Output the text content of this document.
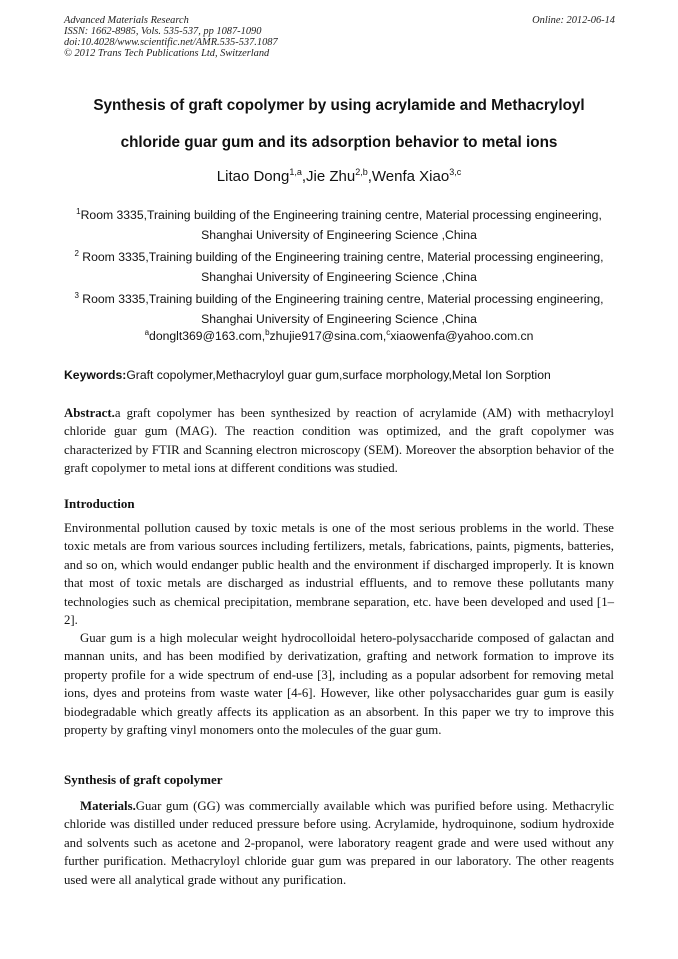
Advanced Materials Research
ISSN: 1662-8985, Vols. 535-537, pp 1087-1090
doi:10.4028/www.scientific.net/AMR.535-537.1087
© 2012 Trans Tech Publications Ltd, Switzerland
Online: 2012-06-14
Synthesis of graft copolymer by using acrylamide and Methacryloyl
chloride guar gum and its adsorption behavior to metal ions
Litao Dong$^{1,a}$,Jie Zhu$^{2,b}$,Wenfa Xiao$^{3,c}$
$^1$Room 3335,Training building of the Engineering training centre, Material processing engineering,
Shanghai University of Engineering Science ,China
$^2$ Room 3335,Training building of the Engineering training centre, Material processing engineering,
Shanghai University of Engineering Science ,China
$^3$ Room 3335,Training building of the Engineering training centre, Material processing engineering,
Shanghai University of Engineering Science ,China
$^a$donglt369@163.com,$^b$zhujie917@sina.com,$^c$xiaowenfa@yahoo.com.cn
Keywords:Graft copolymer,Methacryloyl guar gum,surface morphology,Metal Ion Sorption
Abstract.a graft copolymer has been synthesized by reaction of acrylamide (AM) with methacryloyl chloride guar gum (MAG). The reaction condition was optimized, and the graft copolymer was characterized by FTIR and Scanning electron microscopy (SEM). Moreover the absorption behavior of the graft copolymer to metal ions at different conditions was studied.
Introduction
Environmental pollution caused by toxic metals is one of the most serious problems in the world. These toxic metals are from various sources including fertilizers, metals, fabrications, paints, pigments, batteries, and so on, which would endanger public health and the environment if discharged improperly. It is known that most of toxic metals are discharged as industrial effluents, and to remove these pollutants many technologies such as chemical precipitation, membrane separation, etc. have been developed and used [1–2].
Guar gum is a high molecular weight hydrocolloidal hetero-polysaccharide composed of galactan and mannan units, and has been modified by derivatization, grafting and network formation to improve its property profile for a wide spectrum of end-use [3], including as a popular adsorbent for removing metal ions, dyes and proteins from waste water [4-6]. However, like other polysaccharides guar gum is easily biodegradable which greatly affects its application as an absorbent. In this paper we try to improve this property by grafting vinyl monomers onto the molecules of the guar gum.
Synthesis of graft copolymer
Materials.Guar gum (GG) was commercially available which was purified before using. Methacrylic chloride was distilled under reduced pressure before using. Acrylamide, hydroquinone, sodium hydroxide and solvents such as acetone and 2-propanol, were laboratory reagent grade and were used without any further purification. Methacryloyl chloride guar gum was prepared in our laboratory. The other reagents used were all analytical grade without any purification.
